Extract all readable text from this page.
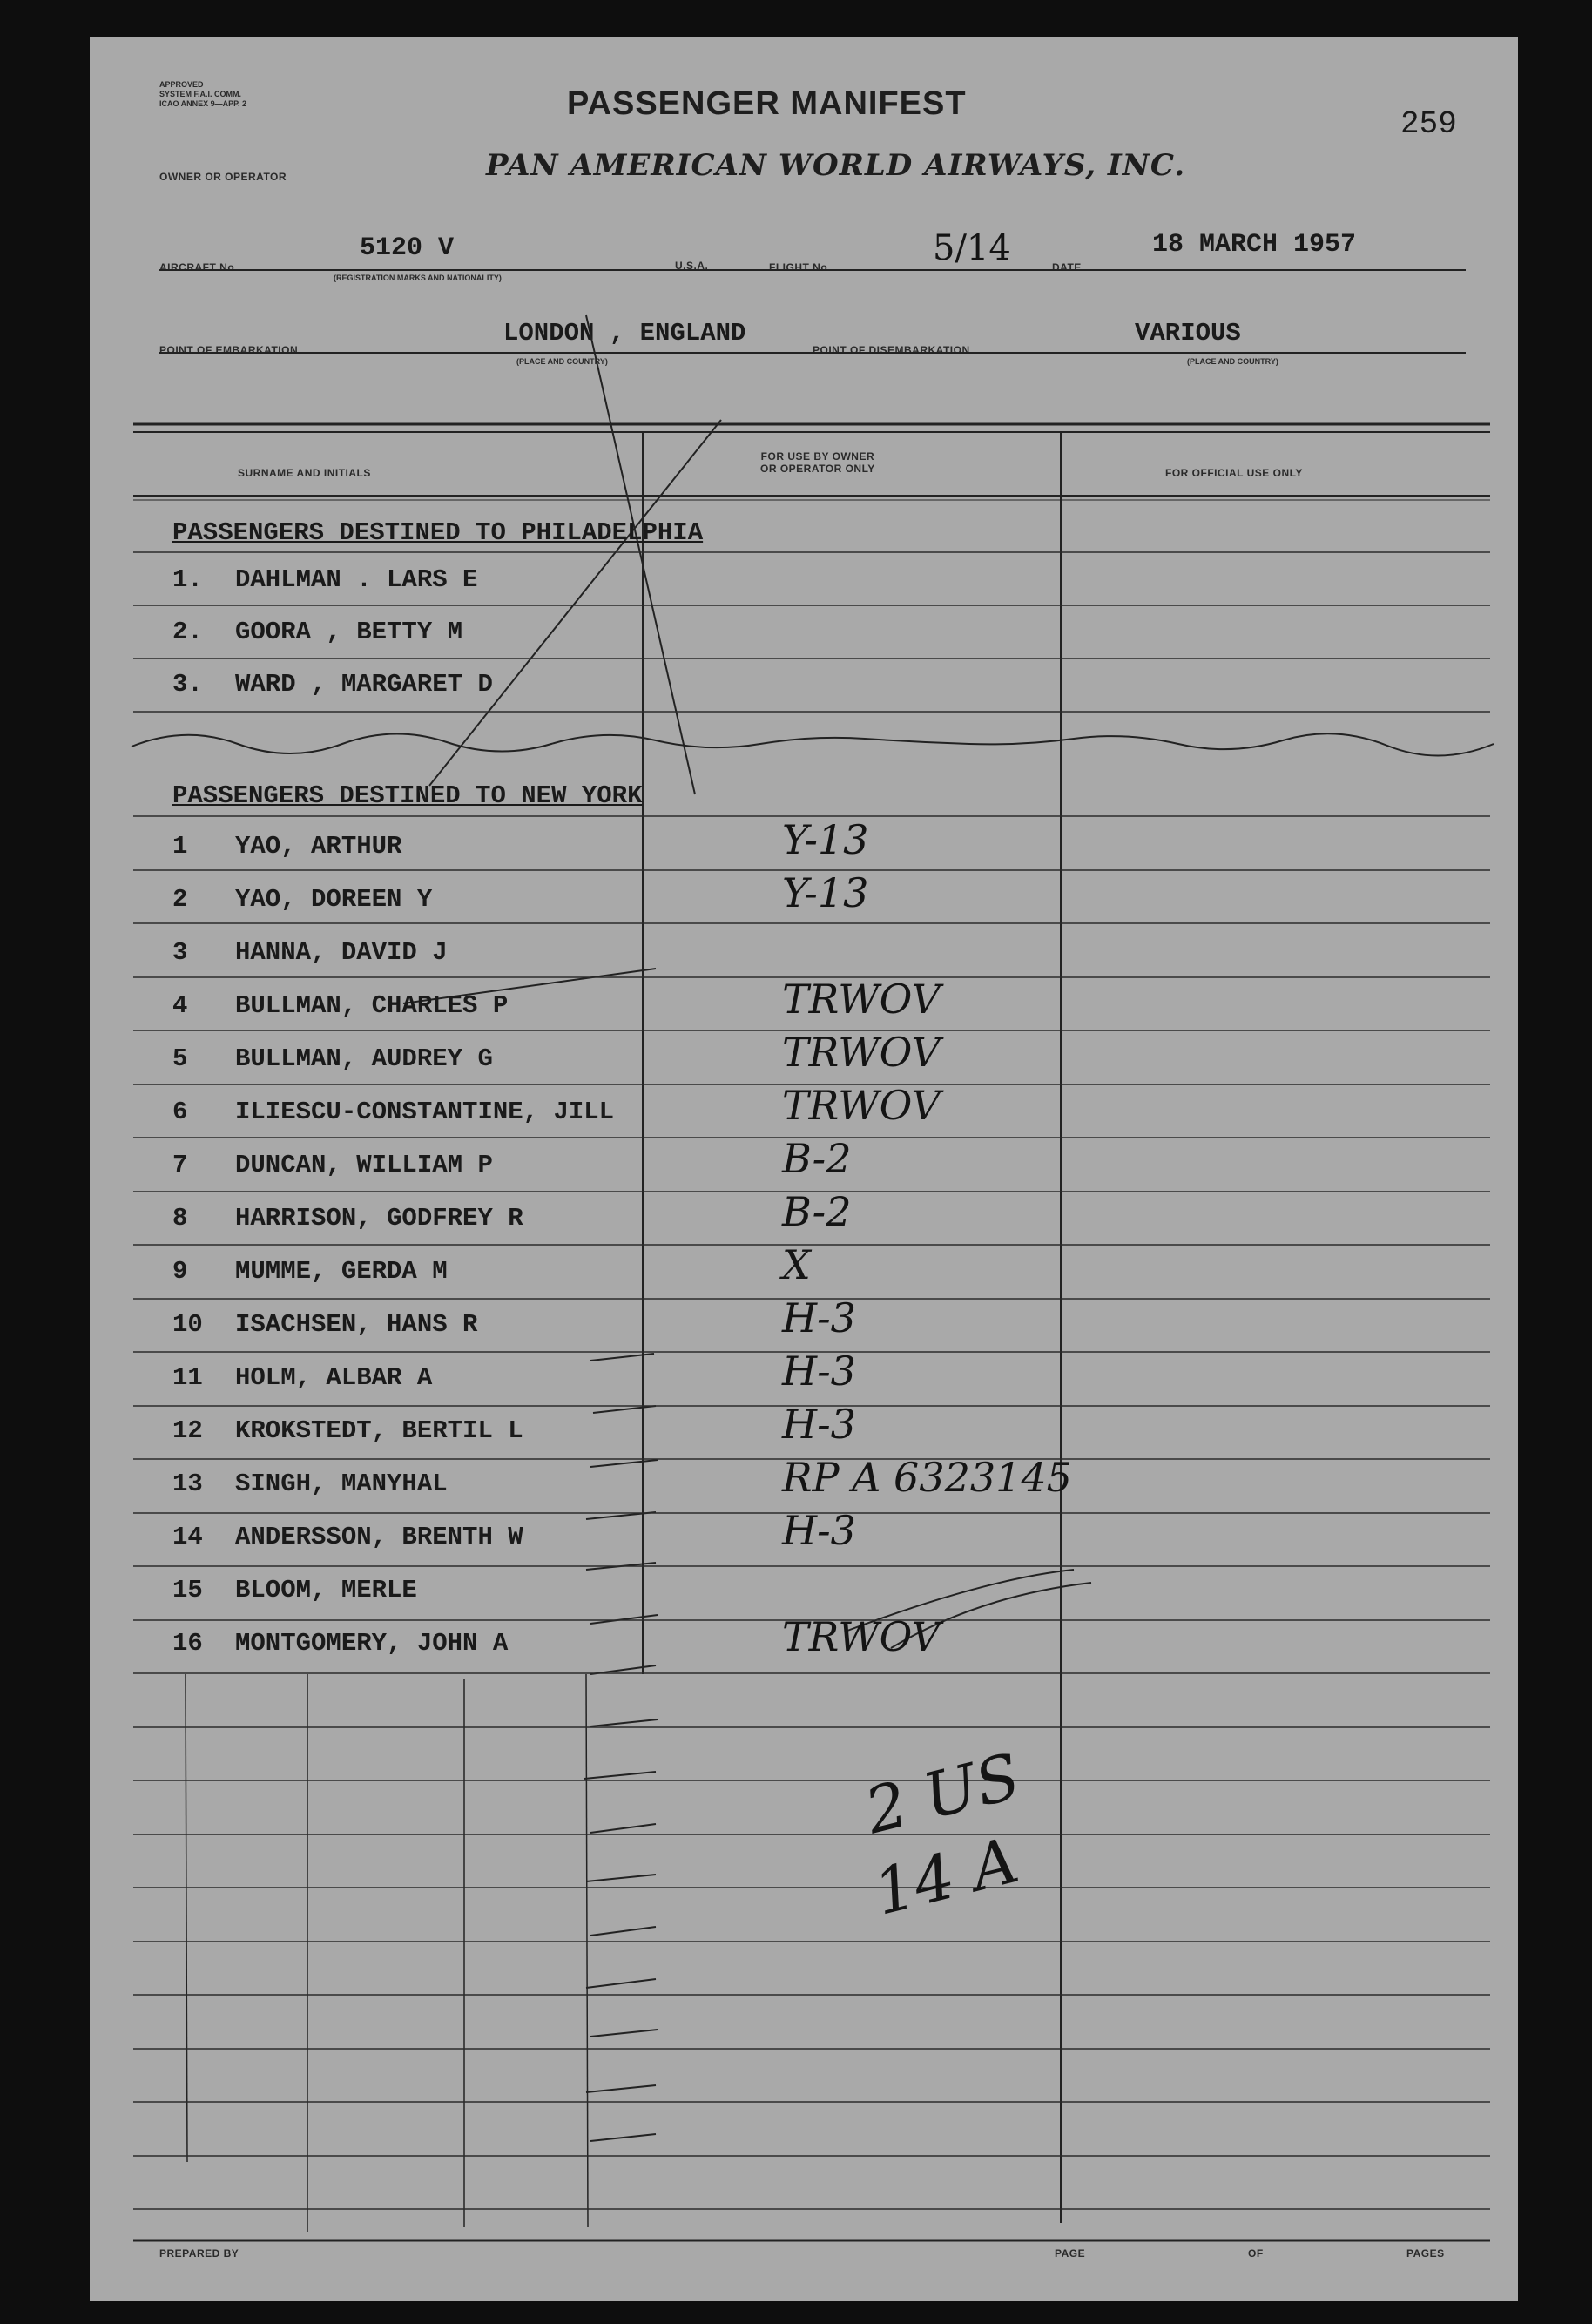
APPROVED
SYSTEM F.A.I. COMM.
ICAO ANNEX 9—APP. 2	PASSENGER MANIFEST
259
OWNER OR OPERATOR	PAN AMERICAN WORLD AIRWAYS, INC.
AIRCRAFT No.
5120 V
(REGISTRATION MARKS AND NATIONALITY)
U.S.A.	FLIGHT No.	5/14	DATE
18 MARCH 1957
POINT OF EMBARKATION
LONDON , ENGLAND
(PLACE AND COUNTRY)
POINT OF DISEMBARKATION
VARIOUS
(PLACE AND COUNTRY)
SURNAME AND INITIALS
FOR USE BY OWNER
OR OPERATOR ONLY	FOR OFFICIAL USE ONLY
PASSENGERS DESTINED TO PHILADELPHIA
1. DAHLMAN . LARS E
2. GOORA , BETTY M
3. WARD , MARGARET D
PASSENGERS DESTINED TO NEW YORK
1 YAO, ARTHUR	Y-13
2 YAO, DOREEN Y	Y-13
3 HANNA, DAVID J
4 BULLMAN, CHARLES P	TRWOV
5 BULLMAN, AUDREY G	TRWOV
6 ILIESCU-CONSTANTINE, JILL	TRWOV
7 DUNCAN, WILLIAM P	B-2
8 HARRISON, GODFREY R	B-2
9 MUMME, GERDA M	X
10 ISACHSEN, HANS R	H-3
11 HOLM, ALBAR A	H-3
12 KROKSTEDT, BERTIL L	H-3
13 SINGH, MANYHAL	RP A 6323145
14 ANDERSSON, BRENTH W	H-3
15 BLOOM, MERLE
16 MONTGOMERY, JOHN A	TRWOV
2 US
14 A
PREPARED BY	PAGE	OF	PAGES
